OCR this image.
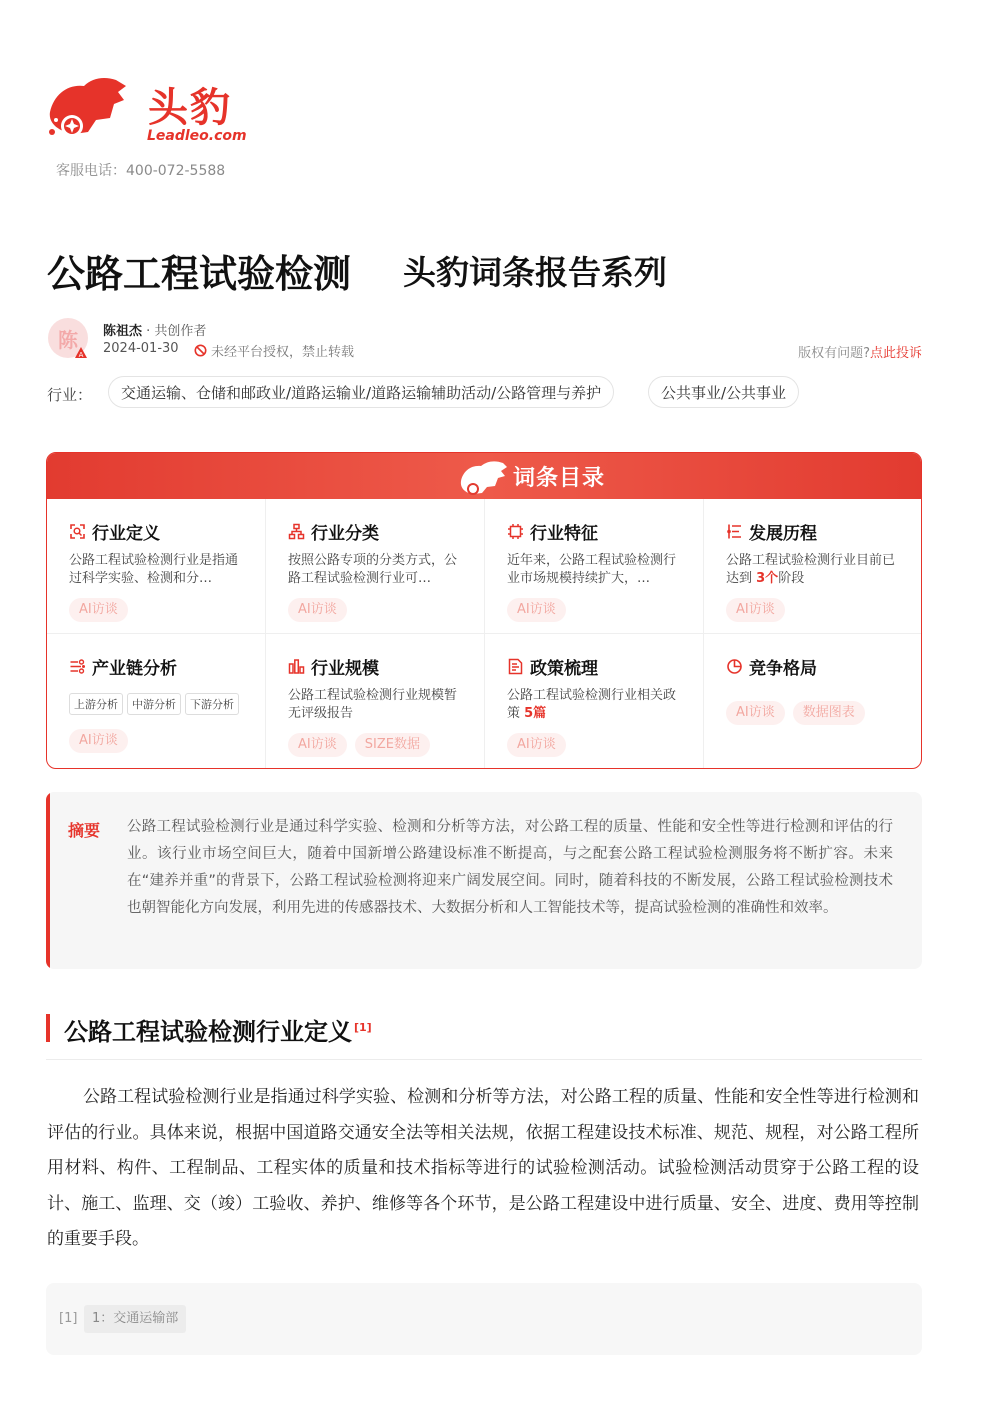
头豹
Leadleo.com
客服电话：400-072-5588
公路工程试验检测 头豹词条报告系列
陈
A
陈祖杰 · 共创作者
2024-01-30 未经平台授权，禁止转载	版权有问题?点此投诉
行业：	交通运输、仓储和邮政业/道路运输业/道路运输辅助活动/公路管理与养护	公共事业/公共事业
词条目录
行业定义
公路工程试验检测行业是指通过科学实验、检测和分…
AI访谈
行业分类
按照公路专项的分类方式，公路工程试验检测行业可…
AI访谈
行业特征
近年来，公路工程试验检测行业市场规模持续扩大，…
AI访谈
发展历程
公路工程试验检测行业目前已达到 3个阶段
AI访谈
产业链分析
上游分析 中游分析 下游分析
AI访谈
行业规模
公路工程试验检测行业规模暂无评级报告
AI访谈 SIZE数据
政策梳理
公路工程试验检测行业相关政策 5篇
AI访谈
竞争格局
AI访谈 数据图表
摘要 公路工程试验检测行业是通过科学实验、检测和分析等方法，对公路工程的质量、性能和安全性等进行检测和评估的行业。该行业市场空间巨大，随着中国新增公路建设标准不断提高，与之配套公路工程试验检测服务将不断扩容。未来在“建养并重”的背景下，公路工程试验检测将迎来广阔发展空间。同时，随着科技的不断发展，公路工程试验检测技术也朝智能化方向发展，利用先进的传感器技术、大数据分析和人工智能技术等，提高试验检测的准确性和效率。
公路工程试验检测行业定义 [1]
公路工程试验检测行业是指通过科学实验、检测和分析等方法，对公路工程的质量、性能和安全性等进行检测和评估的行业。具体来说，根据中国道路交通安全法等相关法规，依据工程建设技术标准、规范、规程，对公路工程所用材料、构件、工程制品、工程实体的质量和技术指标等进行的试验检测活动。试验检测活动贯穿于公路工程的设计、施工、监理、交（竣）工验收、养护、维修等各个环节，是公路工程建设中进行质量、安全、进度、费用等控制的重要手段。
[1]	1：交通运输部
